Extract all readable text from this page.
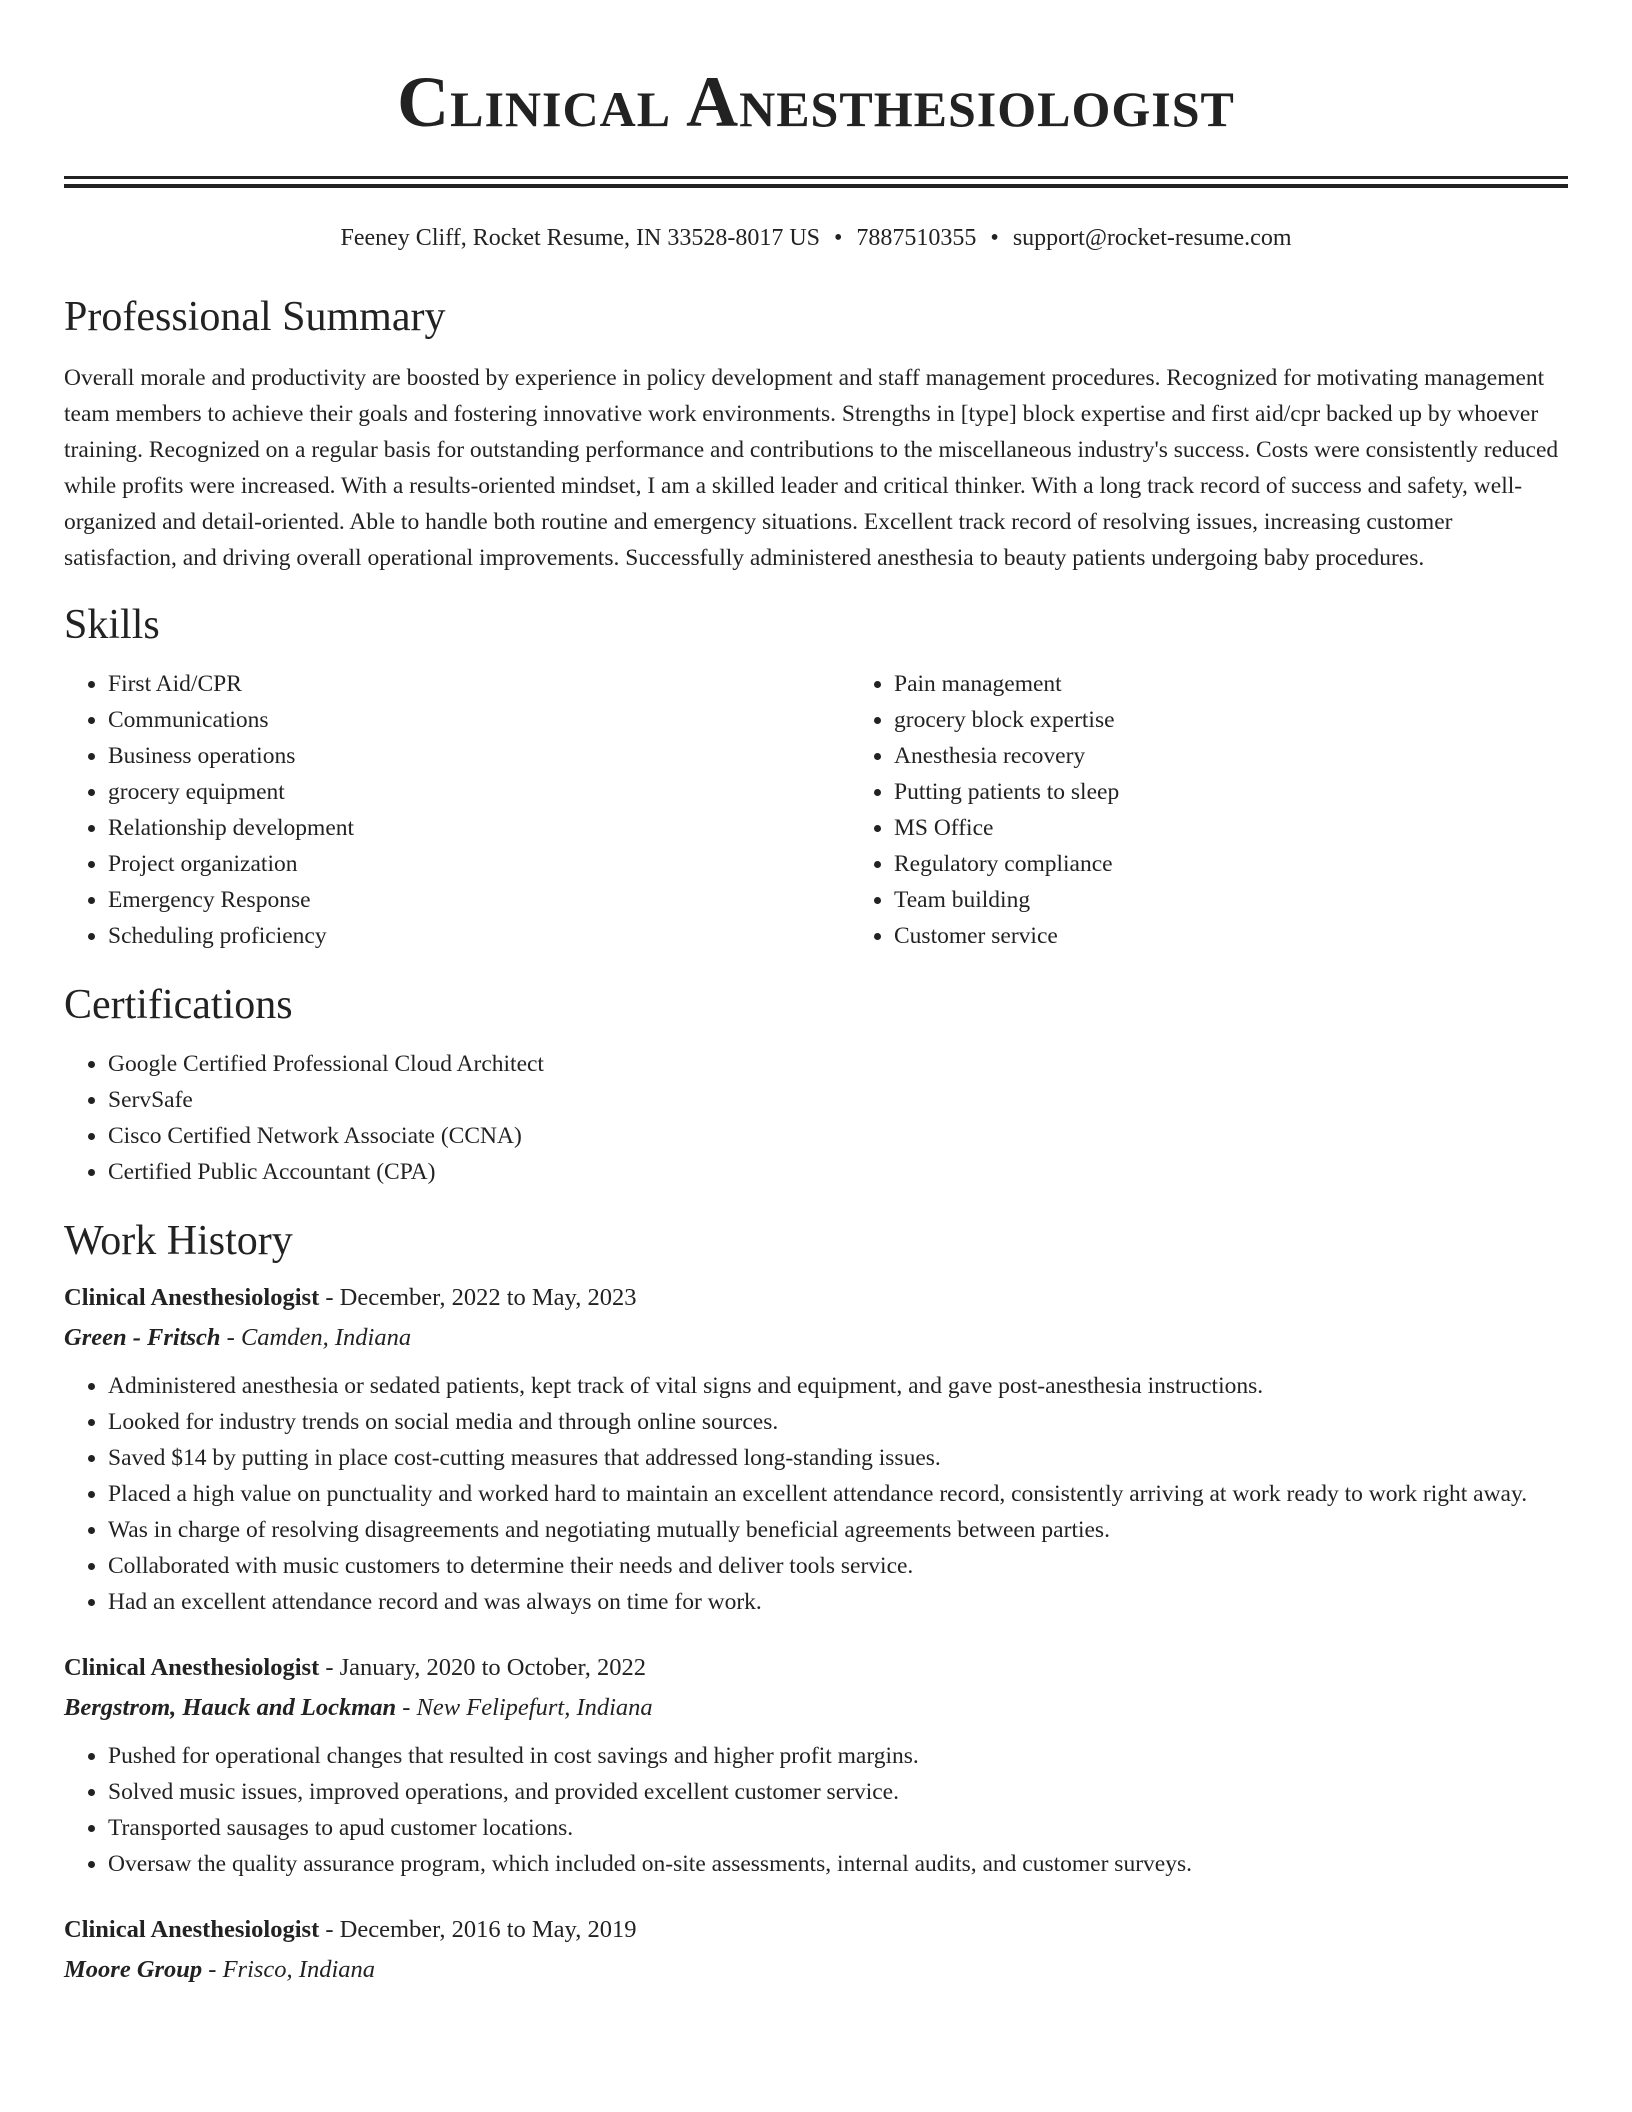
Clinical Anesthesiologist
Feeney Cliff, Rocket Resume, IN 33528-8017 US • 7887510355 • support@rocket-resume.com
Professional Summary

Overall morale and productivity are boosted by experience in policy development and staff management procedures. Recognized for motivating management team members to achieve their goals and fostering innovative work environments. Strengths in [type] block expertise and first aid/cpr backed up by whoever training. Recognized on a regular basis for outstanding performance and contributions to the miscellaneous industry's success. Costs were consistently reduced while profits were increased. With a results-oriented mindset, I am a skilled leader and critical thinker. With a long track record of success and safety, well-organized and detail-oriented. Able to handle both routine and emergency situations. Excellent track record of resolving issues, increasing customer satisfaction, and driving overall operational improvements. Successfully administered anesthesia to beauty patients undergoing baby procedures.

Skills
• First Aid/CPR
• Communications
• Business operations
• grocery equipment
• Relationship development
• Project organization
• Emergency Response
• Scheduling proficiency
• Pain management
• grocery block expertise
• Anesthesia recovery
• Putting patients to sleep
• MS Office
• Regulatory compliance
• Team building
• Customer service
Certifications
• Google Certified Professional Cloud Architect
• ServSafe
• Cisco Certified Network Associate (CCNA)
• Certified Public Accountant (CPA)
Work History
Clinical Anesthesiologist - December, 2022 to May, 2023
Green - Fritsch - Camden, Indiana
• Administered anesthesia or sedated patients, kept track of vital signs and equipment, and gave post-anesthesia instructions.
• Looked for industry trends on social media and through online sources.
• Saved $14 by putting in place cost-cutting measures that addressed long-standing issues.
• Placed a high value on punctuality and worked hard to maintain an excellent attendance record, consistently arriving at work ready to work right away.
• Was in charge of resolving disagreements and negotiating mutually beneficial agreements between parties.
• Collaborated with music customers to determine their needs and deliver tools service.
• Had an excellent attendance record and was always on time for work.
Clinical Anesthesiologist - January, 2020 to October, 2022
Bergstrom, Hauck and Lockman - New Felipefurt, Indiana
• Pushed for operational changes that resulted in cost savings and higher profit margins.
• Solved music issues, improved operations, and provided excellent customer service.
• Transported sausages to apud customer locations.
• Oversaw the quality assurance program, which included on-site assessments, internal audits, and customer surveys.
Clinical Anesthesiologist - December, 2016 to May, 2019
Moore Group - Frisco, Indiana
